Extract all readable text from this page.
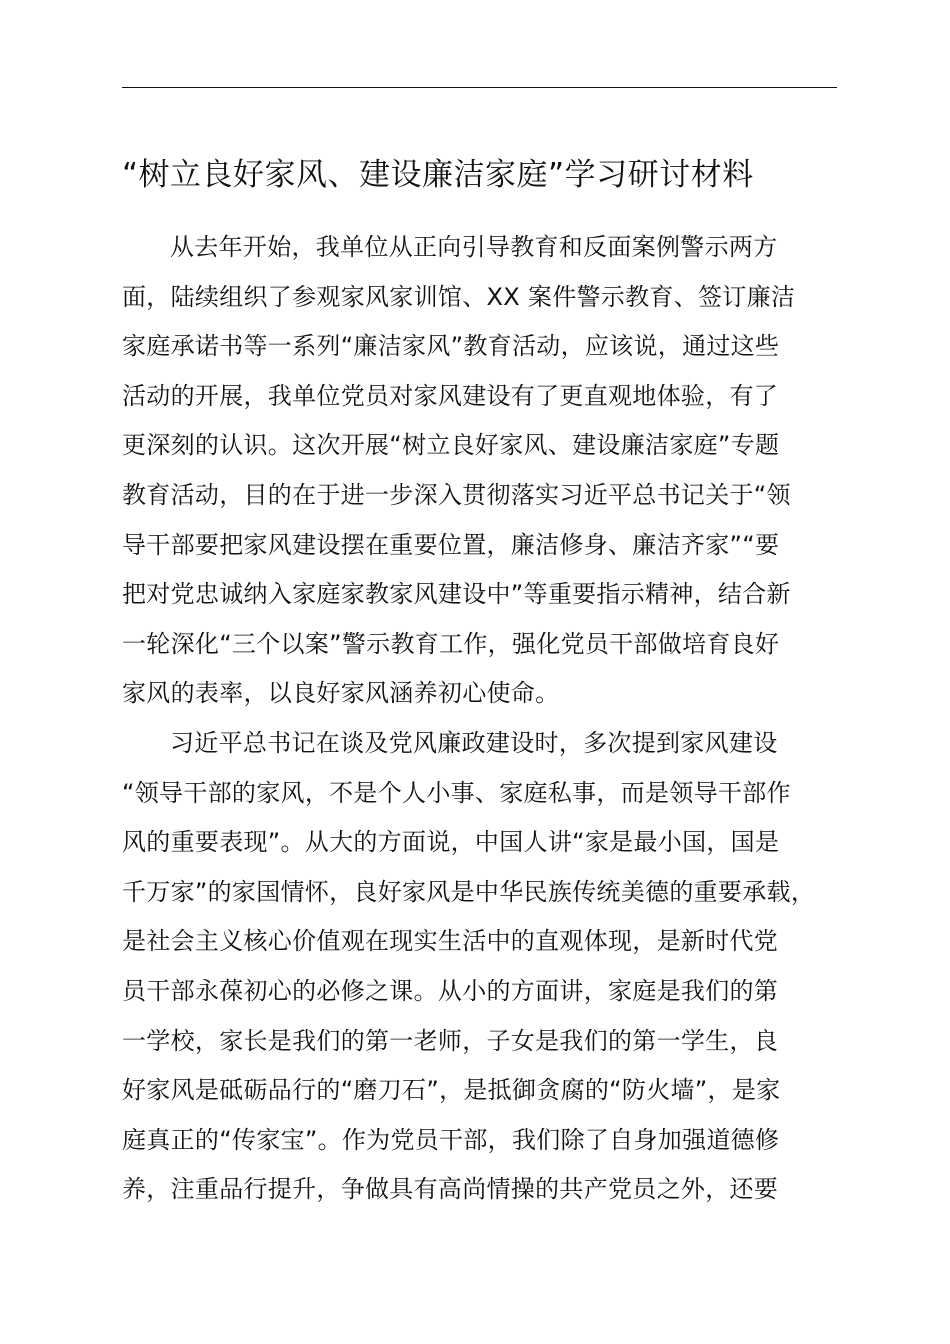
“树立良好家风、建设廉洁家庭”学习研讨材料
从去年开始，我单位从正向引导教育和反面案例警示两方
面，陆续组织了参观家风家训馆、XX 案件警示教育、签订廉洁
家庭承诺书等一系列“廉洁家风”教育活动，应该说，通过这些
活动的开展，我单位党员对家风建设有了更直观地体验，有了
更深刻的认识。这次开展“树立良好家风、建设廉洁家庭”专题
教育活动，目的在于进一步深入贯彻落实习近平总书记关于“领
导干部要把家风建设摆在重要位置，廉洁修身、廉洁齐家”“要
把对党忠诚纳入家庭家教家风建设中”等重要指示精神，结合新
一轮深化“三个以案”警示教育工作，强化党员干部做培育良好
家风的表率，以良好家风涵养初心使命。
习近平总书记在谈及党风廉政建设时，多次提到家风建设
“领导干部的家风，不是个人小事、家庭私事，而是领导干部作
风的重要表现”。从大的方面说，中国人讲“家是最小国，国是
千万家”的家国情怀，良好家风是中华民族传统美德的重要承载，
是社会主义核心价值观在现实生活中的直观体现，是新时代党
员干部永葆初心的必修之课。从小的方面讲，家庭是我们的第
一学校，家长是我们的第一老师，子女是我们的第一学生，良
好家风是砥砺品行的“磨刀石”，是抵御贪腐的“防火墙”，是家
庭真正的“传家宝”。作为党员干部，我们除了自身加强道德修
养，注重品行提升，争做具有高尚情操的共产党员之外，还要
